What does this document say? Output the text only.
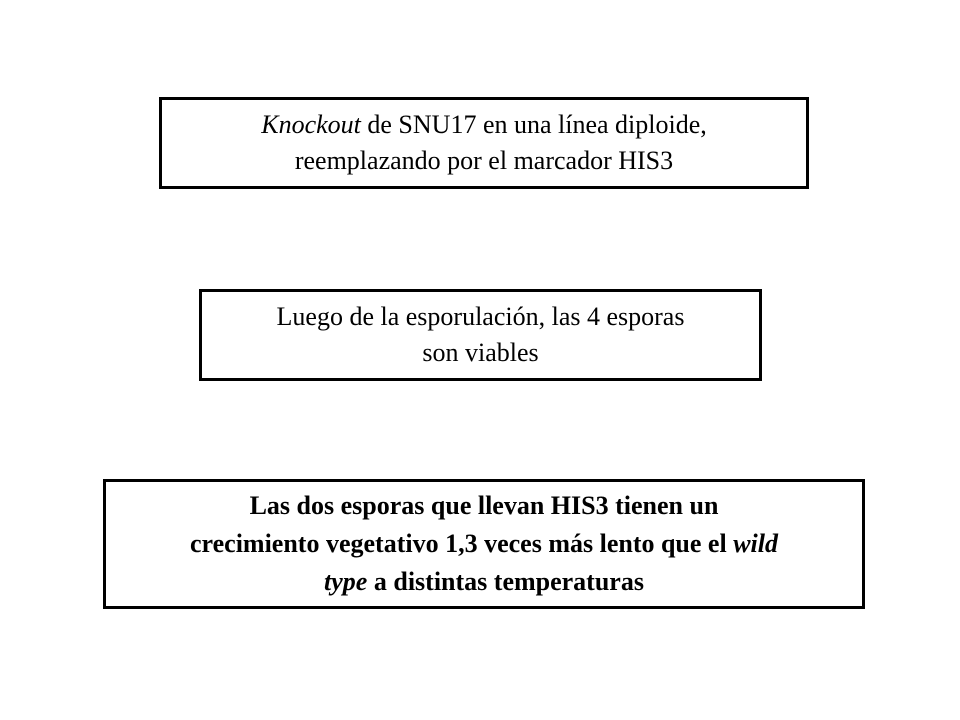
Knockout de SNU17 en una línea diploide,
reemplazando por el marcador HIS3

Luego de la esporulación, las 4 esporas
son viables

Las dos esporas que llevan HIS3 tienen un
crecimiento vegetativo 1,3 veces más lento que el wild
type a distintas temperaturas
